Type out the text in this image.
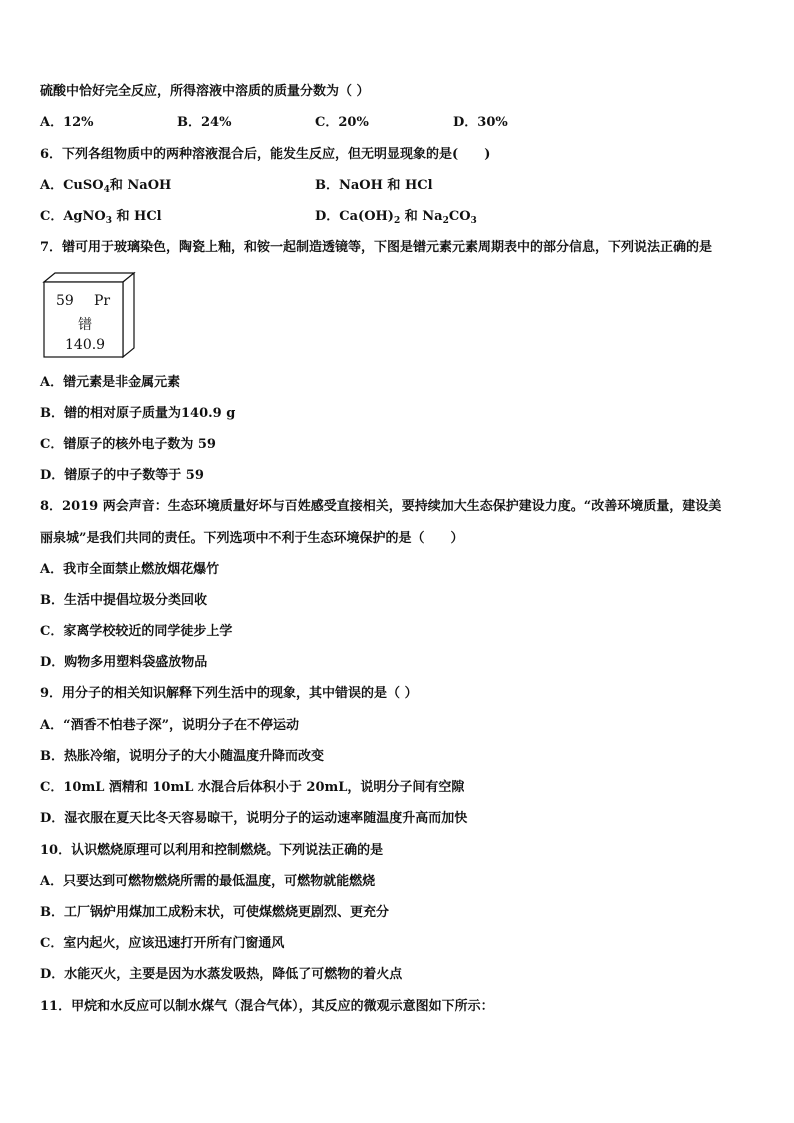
硫酸中恰好完全反应，所得溶液中溶质的质量分数为（ ）
A．12%	B．24%	C．20%	D．30%
6．下列各组物质中的两种溶液混合后，能发生反应，但无明显现象的是(　　)
A．CuSO$_4$和 NaOH	B．NaOH 和 HCl
C．AgNO$_3$ 和 HCl	D．$Ca(OH)_2$ 和 $Na_2CO_3$
7．镨可用于玻璃染色，陶瓷上釉，和铵一起制造透镜等，下图是镨元素元素周期表中的部分信息，下列说法正确的是
59 Pr
镨
140.9
A．镨元素是非金属元素
B．镨的相对原子质量为140.9 g
C．镨原子的核外电子数为 59
D．镨原子的中子数等于 59
8．2019 两会声音：生态环境质量好坏与百姓感受直接相关，要持续加大生态保护建设力度。“改善环境质量，建设美
丽泉城”是我们共同的责任。下列选项中不利于生态环境保护的是（　　）
A．我市全面禁止燃放烟花爆竹
B．生活中提倡垃圾分类回收
C．家离学校较近的同学徒步上学
D．购物多用塑料袋盛放物品
9．用分子的相关知识解释下列生活中的现象，其中错误的是（ ）
A．“酒香不怕巷子深”，说明分子在不停运动
B．热胀冷缩，说明分子的大小随温度升降而改变
C．10mL 酒精和 10mL 水混合后体积小于 20mL，说明分子间有空隙
D．湿衣服在夏天比冬天容易晾干，说明分子的运动速率随温度升高而加快
10．认识燃烧原理可以利用和控制燃烧。下列说法正确的是
A．只要达到可燃物燃烧所需的最低温度，可燃物就能燃烧
B．工厂锅炉用煤加工成粉末状，可使煤燃烧更剧烈、更充分
C．室内起火，应该迅速打开所有门窗通风
D．水能灭火，主要是因为水蒸发吸热，降低了可燃物的着火点
11．甲烷和水反应可以制水煤气（混合气体），其反应的微观示意图如下所示：
